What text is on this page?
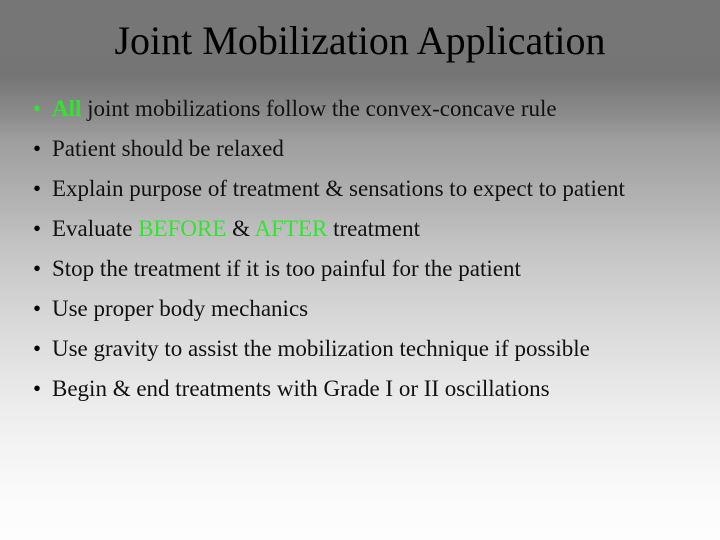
Joint Mobilization Application
• All joint mobilizations follow the convex-concave rule
• Patient should be relaxed
• Explain purpose of treatment & sensations to expect to patient
• Evaluate BEFORE & AFTER treatment
• Stop the treatment if it is too painful for the patient
• Use proper body mechanics
• Use gravity to assist the mobilization technique if possible
• Begin & end treatments with Grade I or II oscillations
